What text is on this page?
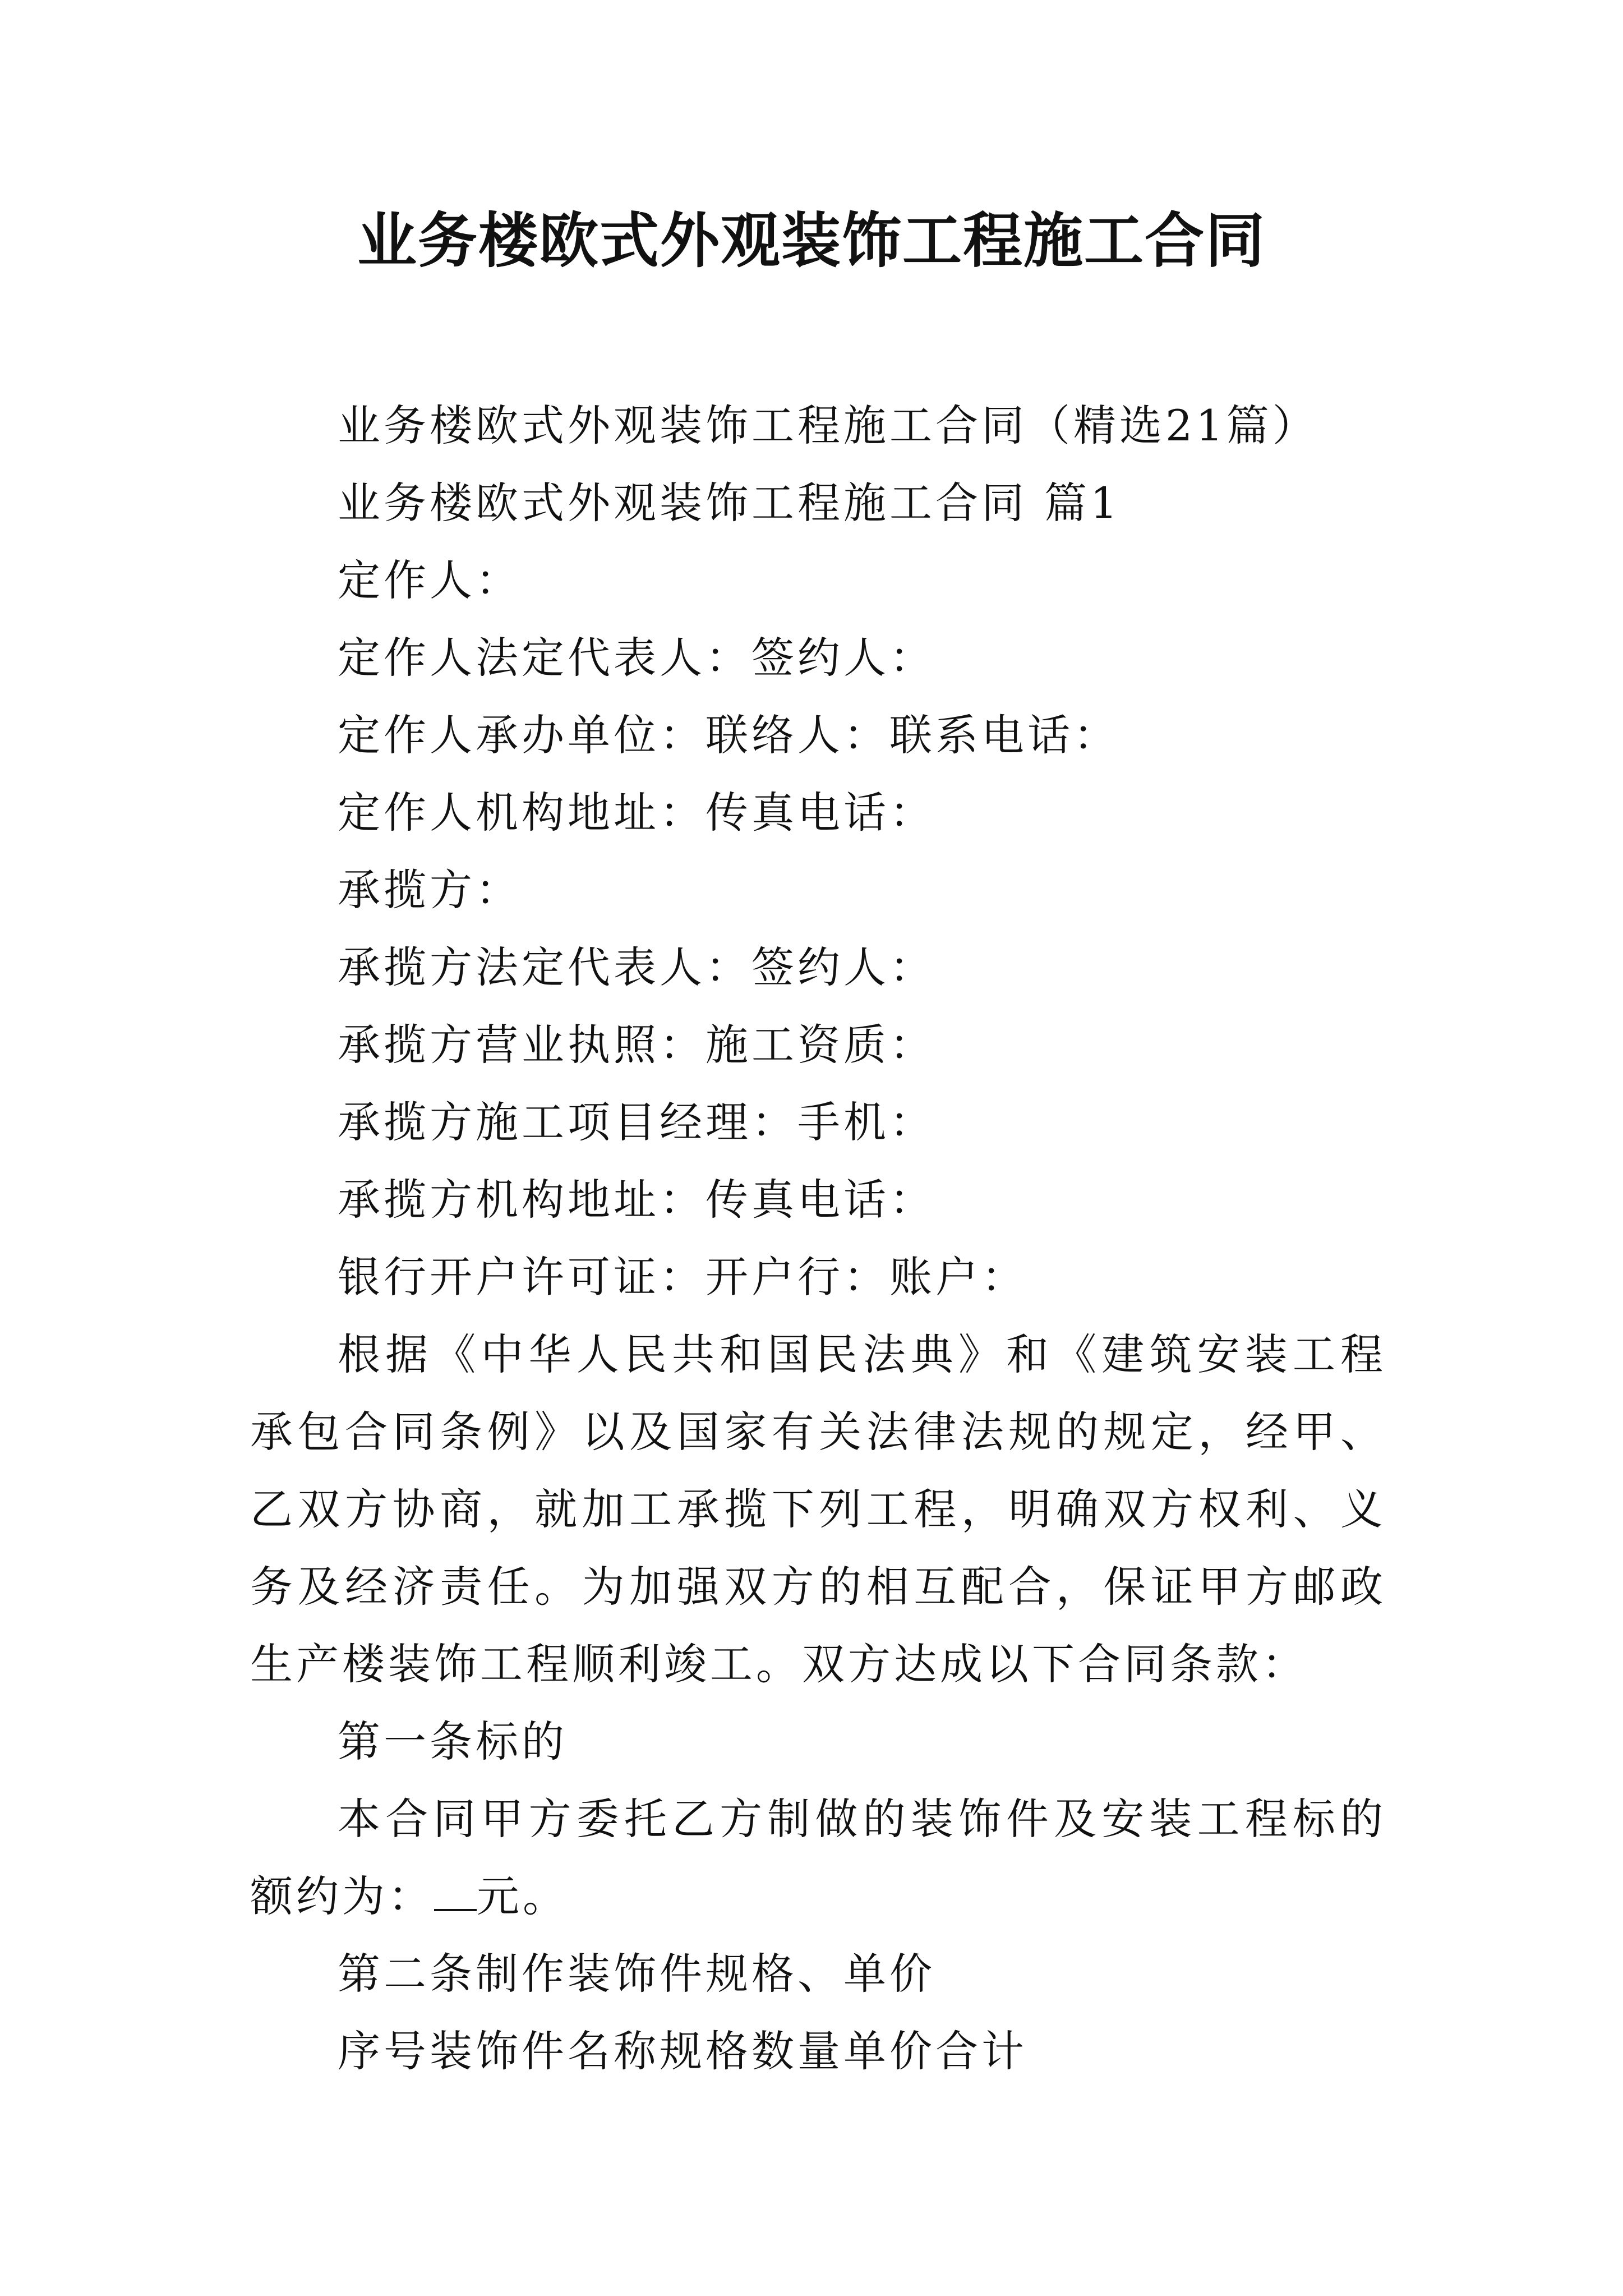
业务楼欧式外观装饰工程施工合同

业务楼欧式外观装饰工程施工合同（精选21篇）

业务楼欧式外观装饰工程施工合同 篇1

定作人：

定作人法定代表人：签约人：

定作人承办单位：联络人：联系电话：

定作人机构地址：传真电话：

承揽方：

承揽方法定代表人：签约人：

承揽方营业执照：施工资质：

承揽方施工项目经理：手机：

承揽方机构地址：传真电话：

银行开户许可证：开户行：账户：

根据《中华人民共和国民法典》和《建筑安装工程承包合同条例》以及国家有关法律法规的规定，经甲、乙双方协商，就加工承揽下列工程，明确双方权利、义务及经济责任。为加强双方的相互配合，保证甲方邮政生产楼装饰工程顺利竣工。双方达成以下合同条款：

第一条标的

本合同甲方委托乙方制做的装饰件及安装工程标的额约为： 元。

第二条制作装饰件规格、单价

序号装饰件名称规格数量单价合计
